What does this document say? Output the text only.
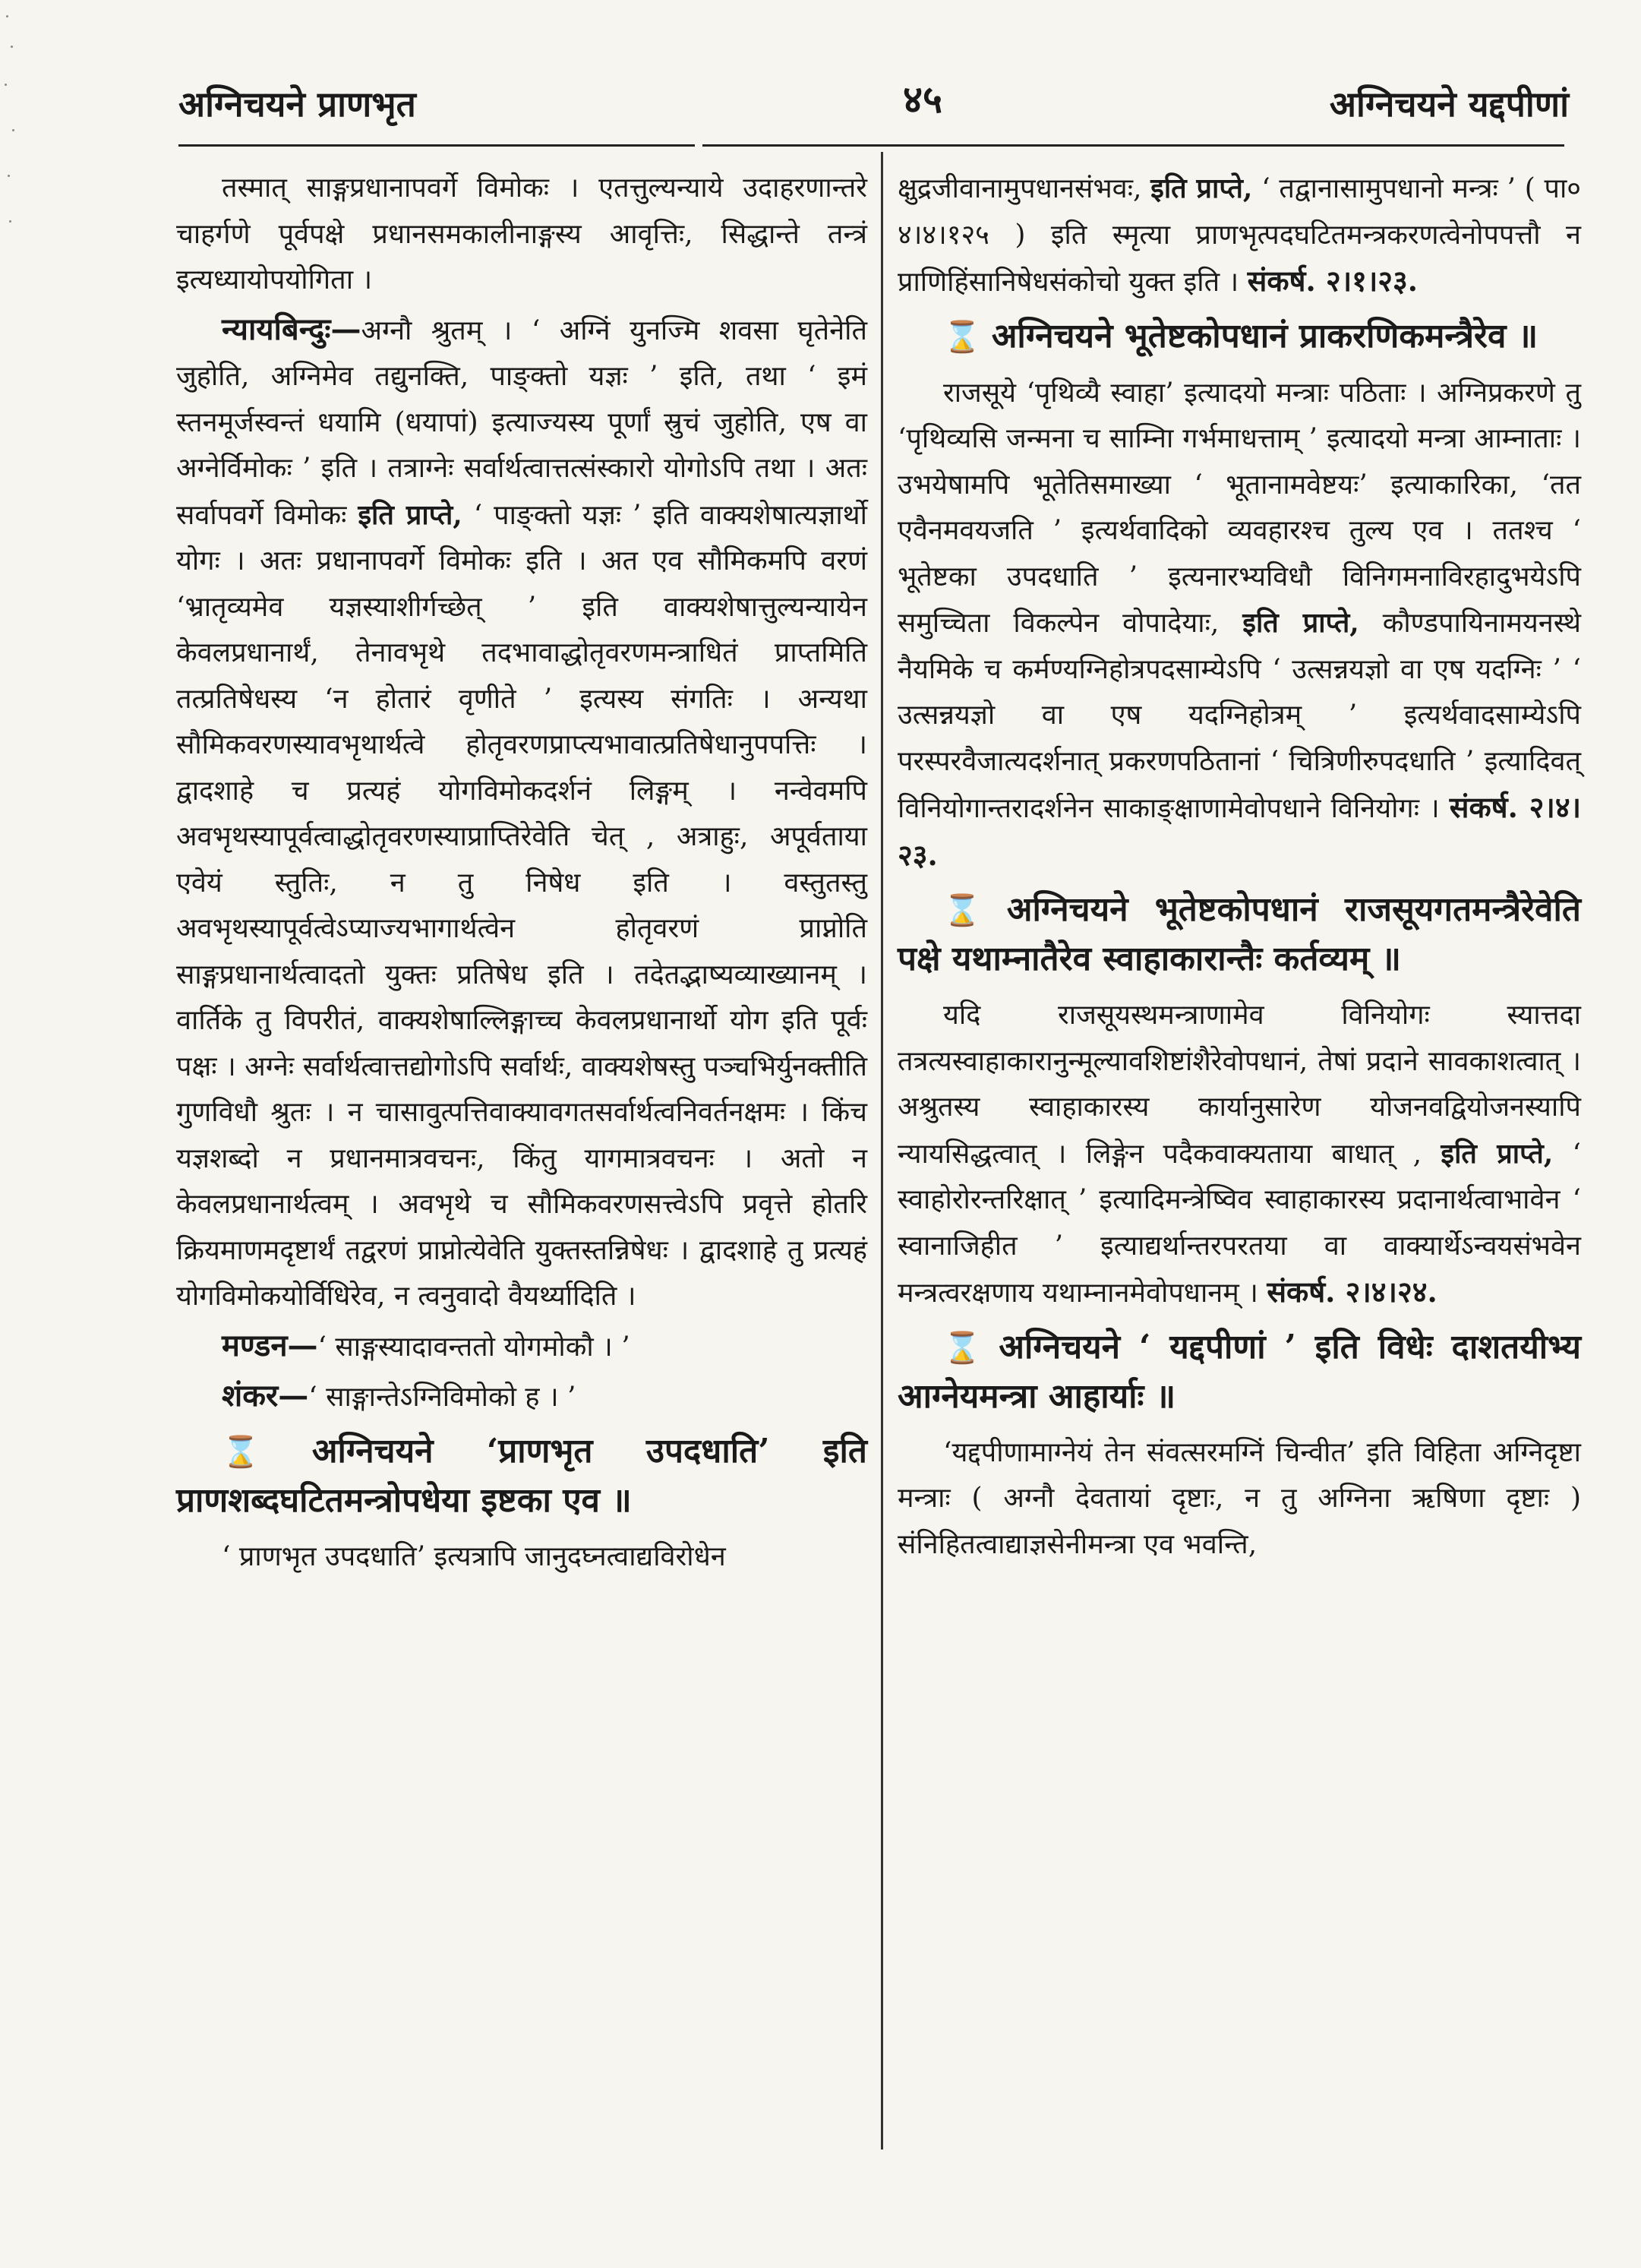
अग्निचयने प्राणभृत	४५	अग्निचयने यद्दपीणां

तस्मात् साङ्गप्रधानापवर्गे विमोकः । एतत्तुल्यन्याये उदाहरणान्तरे चाहर्गणे पूर्वपक्षे प्रधानसमकालीनाङ्गस्य आवृत्तिः, सिद्धान्ते तन्त्रं इत्यध्यायोपयोगिता ।

न्यायबिन्दुः—अग्नौ श्रुतम् । ‘ अग्निं युनज्मि शवसा घृतेनेति जुहोति, अग्निमेव तद्युनक्ति, पाङ्क्तो यज्ञः ’ इति, तथा ‘ इमं स्तनमूर्जस्वन्तं धयामि (धयापां) इत्याज्यस्य पूर्णां स्रुचं जुहोति, एष वा अग्नेर्विमोकः ’ इति । तत्राग्नेः सर्वार्थत्वात्तत्संस्कारो योगोऽपि तथा । अतः सर्वापवर्गे विमोकः इति प्राप्ते, ‘ पाङ्क्तो यज्ञः ’ इति वाक्यशेषात्यज्ञार्थो योगः । अतः प्रधानापवर्गे विमोकः इति । अत एव सौमिकमपि वरणं ‘भ्रातृव्यमेव यज्ञस्याशीर्गच्छेत् ’ इति वाक्यशेषात्तुल्यन्यायेन केवलप्रधानार्थं, तेनावभृथे तदभावाद्धोतृवरणमन्त्राधितं प्राप्तमिति तत्प्रतिषेधस्य ‘न होतारं वृणीते ’ इत्यस्य संगतिः । अन्यथा सौमिकवरणस्यावभृथार्थत्वे होतृवरणप्राप्त्यभावात्प्रतिषेधानुपपत्तिः । द्वादशाहे च प्रत्यहं योगविमोकदर्शनं लिङ्गम् । नन्वेवमपि अवभृथस्यापूर्वत्वाद्धोतृवरणस्याप्राप्तिरेवेति चेत् , अत्राहुः, अपूर्वताया एवेयं स्तुतिः, न तु निषेध इति । वस्तुतस्तु अवभृथस्यापूर्वत्वेऽप्याज्यभागार्थत्वेन होतृवरणं प्राप्नोति साङ्गप्रधानार्थत्वादतो युक्तः प्रतिषेध इति । तदेतद्भाष्यव्याख्यानम् । वार्तिके तु विपरीतं, वाक्यशेषाल्लिङ्गाच्च केवलप्रधानार्थो योग इति पूर्वः पक्षः । अग्नेः सर्वार्थत्वात्तद्योगोऽपि सर्वार्थः, वाक्यशेषस्तु पञ्चभिर्युनक्तीति गुणविधौ श्रुतः । न चासावुत्पत्तिवाक्यावगतसर्वार्थत्वनिवर्तनक्षमः । किंच यज्ञशब्दो न प्रधानमात्रवचनः, किंतु यागमात्रवचनः । अतो न केवलप्रधानार्थत्वम् । अवभृथे च सौमिकवरणसत्त्वेऽपि प्रवृत्ते होतरि क्रियमाणमदृष्टार्थं तद्वरणं प्राप्नोत्येवेति युक्तस्तन्निषेधः । द्वादशाहे तु प्रत्यहं योगविमोकयोर्विधिरेव, न त्वनुवादो वैयर्थ्यादिति ।

मण्डन—‘ साङ्गस्यादावन्ततो योगमोकौ । ’

शंकर—‘ साङ्गान्तेऽग्निविमोको ह । ’

⌛ अग्निचयने ‘प्राणभृत उपदधाति’ इति प्राणशब्दघटितमन्त्रोपधेया इष्टका एव ॥

‘ प्राणभृत उपदधाति’ इत्यत्रापि जानुदघ्नत्वाद्यविरोधेन

क्षुद्रजीवानामुपधानसंभवः, इति प्राप्ते, ‘ तद्वानासामुपधानो मन्त्रः ’ ( पा० ४।४।१२५ ) इति स्मृत्या प्राणभृत्पदघटितमन्त्रकरणत्वेनोपपत्तौ न प्राणिहिंसानिषेधसंकोचो युक्त इति । संकर्ष. २।१।२३.

⌛ अग्निचयने भूतेष्टकोपधानं प्राकरणिकमन्त्रैरेव ॥

राजसूये ‘पृथिव्यै स्वाहा’ इत्यादयो मन्त्राः पठिताः । अग्निप्रकरणे तु ‘पृथिव्यसि जन्मना च साम्निा गर्भमाधत्ताम् ’ इत्यादयो मन्त्रा आम्नाताः । उभयेषामपि भूतेतिसमाख्या ‘ भूतानामवेष्टयः’ इत्याकारिका, ‘तत एवैनमवयजति ’ इत्यर्थवादिको व्यवहारश्च तुल्य एव । ततश्च ‘ भूतेष्टका उपदधाति ’ इत्यनारभ्यविधौ विनिगमनाविरहादुभयेऽपि समुच्चिता विकल्पेन वोपादेयाः, इति प्राप्ते, कौण्डपायिनामयनस्थे नैयमिके च कर्मण्यग्निहोत्रपदसाम्येऽपि ‘ उत्सन्नयज्ञो वा एष यदग्निः ’ ‘ उत्सन्नयज्ञो वा एष यदग्निहोत्रम् ’ इत्यर्थवादसाम्येऽपि परस्परवैजात्यदर्शनात् प्रकरणपठितानां ‘ चित्रिणीरुपदधाति ’ इत्यादिवत् विनियोगान्तरादर्शनेन साकाङ्क्षाणामेवोपधाने विनियोगः । संकर्ष. २।४।२३.

⌛ अग्निचयने भूतेष्टकोपधानं राजसूयगतमन्त्रैरेवेति पक्षे यथाम्नातैरेव स्वाहाकारान्तैः कर्तव्यम् ॥

यदि राजसूयस्थमन्त्राणामेव विनियोगः स्यात्तदा तत्रत्यस्वाहाकारानुन्मूल्यावशिष्टांशैरेवोपधानं, तेषां प्रदाने सावकाशत्वात् । अश्रुतस्य स्वाहाकारस्य कार्यानुसारेण योजनवद्वियोजनस्यापि न्यायसिद्धत्वात् । लिङ्गेन पदैकवाक्यताया बाधात् , इति प्राप्ते, ‘ स्वाहोरोरन्तरिक्षात् ’ इत्यादिमन्त्रेष्विव स्वाहाकारस्य प्रदानार्थत्वाभावेन ‘ स्वानाजिहीत ’ इत्याद्यर्थान्तरपरतया वा वाक्यार्थेऽन्वयसंभवेन मन्त्रत्वरक्षणाय यथाम्नानमेवोपधानम् । संकर्ष. २।४।२४.

⌛ अग्निचयने ‘ यद्दपीणां ’ इति विधेः दाशतयीभ्य आग्नेयमन्त्रा आहार्याः ॥

‘यद्दपीणामाग्नेयं तेन संवत्सरमग्निं चिन्वीत’ इति विहिता अग्निदृष्टा मन्त्राः ( अग्नौ देवतायां दृष्टाः, न तु अग्निना ऋषिणा दृष्टाः ) संनिहितत्वाद्याज्ञसेनीमन्त्रा एव भवन्ति,
